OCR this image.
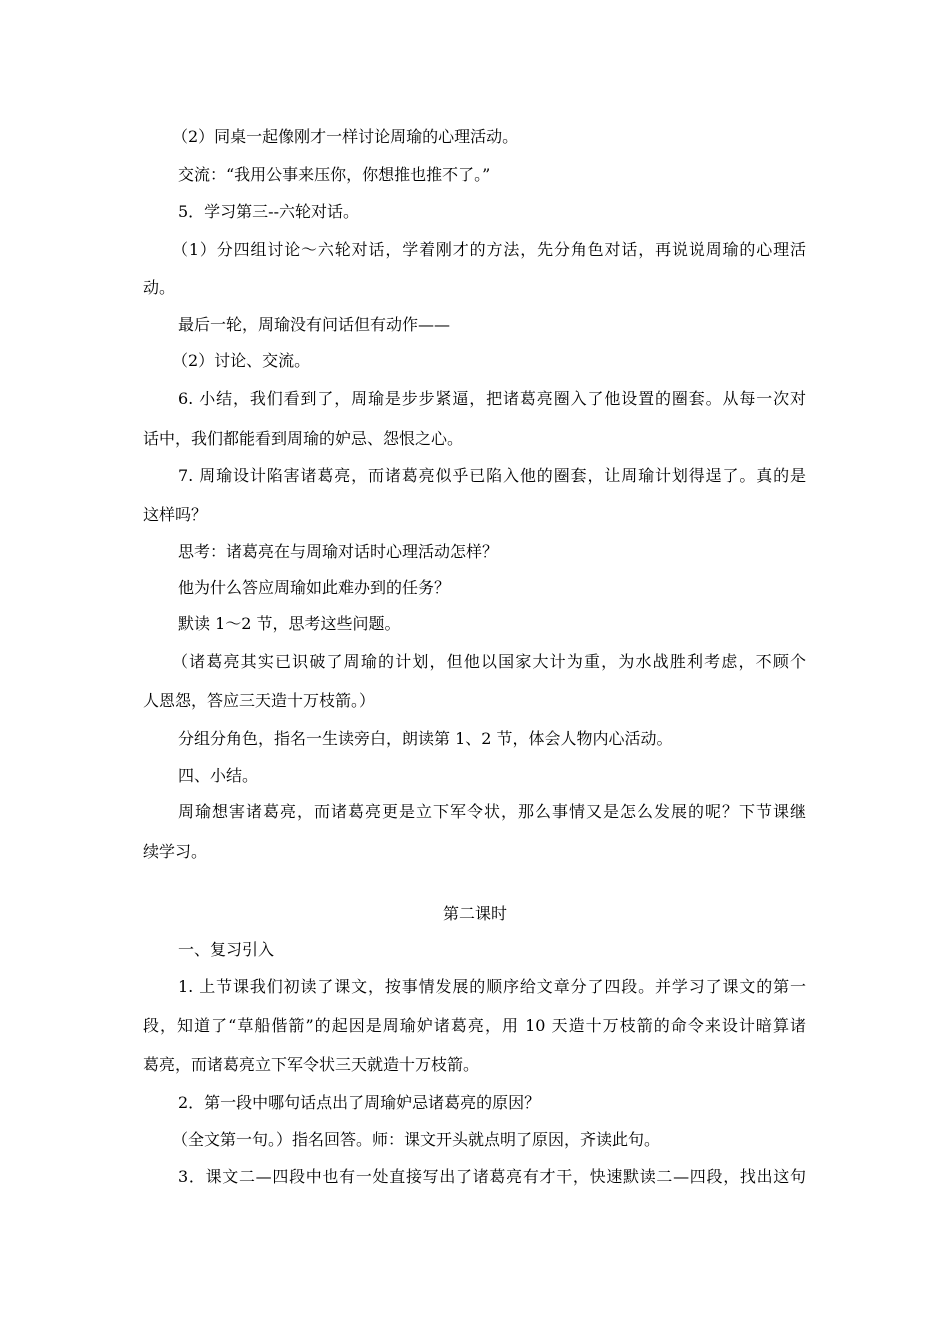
（2）同桌一起像刚才一样讨论周瑜的心理活动。
交流：“我用公事来压你，你想推也推不了。”
5．学习第三--六轮对话。
（1）分四组讨论～六轮对话，学着刚才的方法，先分角色对话，再说说周瑜的心理活
动。
最后一轮，周瑜没有问话但有动作——
（2）讨论、交流。
6. 小结，我们看到了，周瑜是步步紧逼，把诸葛亮圈入了他设置的圈套。从每一次对
话中，我们都能看到周瑜的妒忌、怨恨之心。
7. 周瑜设计陷害诸葛亮，而诸葛亮似乎已陷入他的圈套，让周瑜计划得逞了。真的是
这样吗？
思考：诸葛亮在与周瑜对话时心理活动怎样？
他为什么答应周瑜如此难办到的任务？
默读 1～2 节，思考这些问题。
（诸葛亮其实已识破了周瑜的计划，但他以国家大计为重，为水战胜利考虑，不顾个
人恩怨，答应三天造十万枝箭。）
分组分角色，指名一生读旁白，朗读第 1、2 节，体会人物内心活动。
四、小结。
周瑜想害诸葛亮，而诸葛亮更是立下军令状，那么事情又是怎么发展的呢？下节课继
续学习。
第二课时
一、复习引入
1. 上节课我们初读了课文，按事情发展的顺序给文章分了四段。并学习了课文的第一
段，知道了“草船偕箭”的起因是周瑜妒诸葛亮，用 10 天造十万枝箭的命令来设计暗算诸
葛亮，而诸葛亮立下军令状三天就造十万枝箭。
2．第一段中哪句话点出了周瑜妒忌诸葛亮的原因？
（全文第一句。）指名回答。师：课文开头就点明了原因，齐读此句。
3．课文二—四段中也有一处直接写出了诸葛亮有才干，快速默读二—四段，找出这句
